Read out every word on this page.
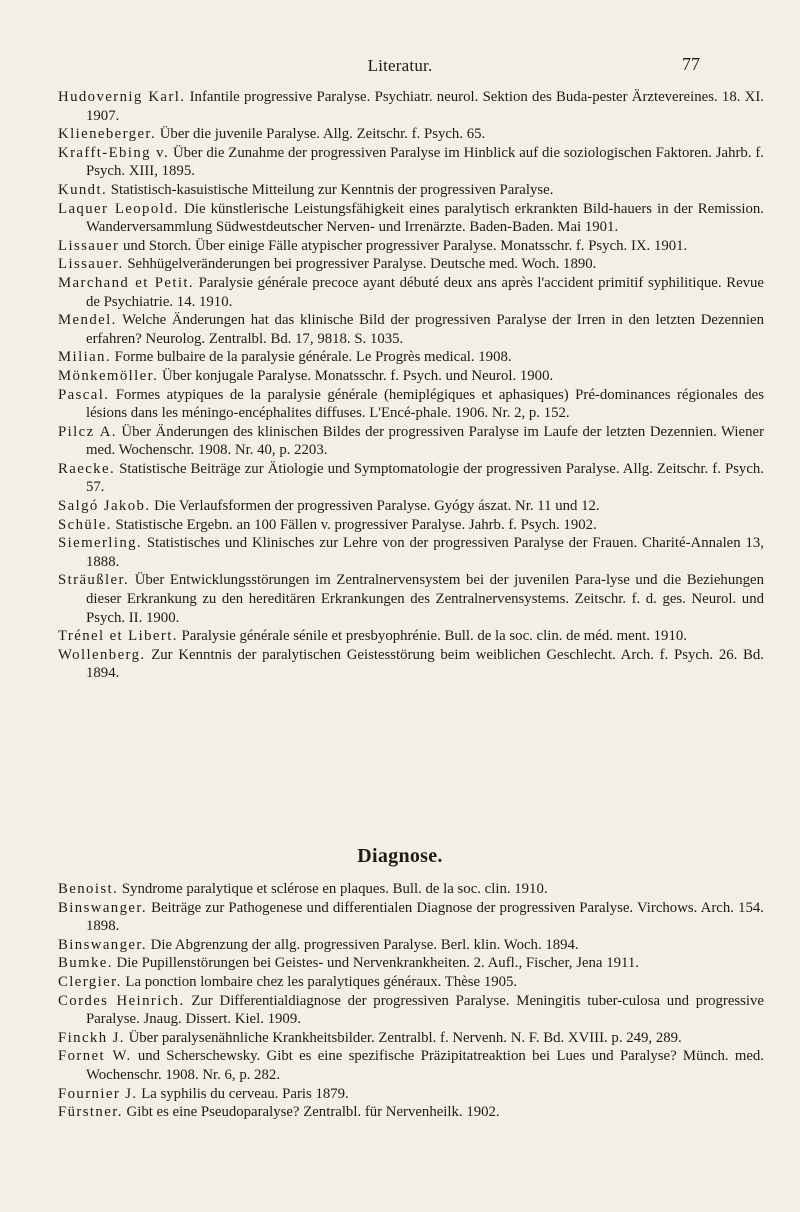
Literatur.	77
Hudovernig Karl. Infantile progressive Paralyse. Psychiatr. neurol. Sektion des Buda-pester Ärztevereines. 18. XI. 1907.
Klieneberger. Über die juvenile Paralyse. Allg. Zeitschr. f. Psych. 65.
Krafft-Ebing v. Über die Zunahme der progressiven Paralyse im Hinblick auf die soziologischen Faktoren. Jahrb. f. Psych. XIII, 1895.
Kundt. Statistisch-kasuistische Mitteilung zur Kenntnis der progressiven Paralyse.
Laquer Leopold. Die künstlerische Leistungsfähigkeit eines paralytisch erkrankten Bild-hauers in der Remission. Wanderversammlung Südwestdeutscher Nerven- und Irrenärzte. Baden-Baden. Mai 1901.
Lissauer und Storch. Über einige Fälle atypischer progressiver Paralyse. Monatsschr. f. Psych. IX. 1901.
Lissauer. Sehhügelveränderungen bei progressiver Paralyse. Deutsche med. Woch. 1890.
Marchand et Petit. Paralysie générale precoce ayant débuté deux ans après l'accident primitif syphilitique. Revue de Psychiatrie. 14. 1910.
Mendel. Welche Änderungen hat das klinische Bild der progressiven Paralyse der Irren in den letzten Dezennien erfahren? Neurolog. Zentralbl. Bd. 17, 9818. S. 1035.
Milian. Forme bulbaire de la paralysie générale. Le Progrès medical. 1908.
Mönkemöller. Über konjugale Paralyse. Monatsschr. f. Psych. und Neurol. 1900.
Pascal. Formes atypiques de la paralysie générale (hemiplégiques et aphasiques) Pré-dominances régionales des lésions dans les méningo-encéphalites diffuses. L'Encé-phale. 1906. Nr. 2, p. 152.
Pilcz A. Über Änderungen des klinischen Bildes der progressiven Paralyse im Laufe der letzten Dezennien. Wiener med. Wochenschr. 1908. Nr. 40, p. 2203.
Raecke. Statistische Beiträge zur Ätiologie und Symptomatologie der progressiven Paralyse. Allg. Zeitschr. f. Psych. 57.
Salgó Jakob. Die Verlaufsformen der progressiven Paralyse. Gyógy ászat. Nr. 11 und 12.
Schüle. Statistische Ergebn. an 100 Fällen v. progressiver Paralyse. Jahrb. f. Psych. 1902.
Siemerling. Statistisches und Klinisches zur Lehre von der progressiven Paralyse der Frauen. Charité-Annalen 13, 1888.
Sträußler. Über Entwicklungsstörungen im Zentralnervensystem bei der juvenilen Para-lyse und die Beziehungen dieser Erkrankung zu den hereditären Erkrankungen des Zentralnervensystems. Zeitschr. f. d. ges. Neurol. und Psych. II. 1900.
Trénel et Libert. Paralysie générale sénile et presbyophrénie. Bull. de la soc. clin. de méd. ment. 1910.
Wollenberg. Zur Kenntnis der paralytischen Geistesstörung beim weiblichen Geschlecht. Arch. f. Psych. 26. Bd. 1894.
Diagnose.
Benoist. Syndrome paralytique et sclérose en plaques. Bull. de la soc. clin. 1910.
Binswanger. Beiträge zur Pathogenese und differentialen Diagnose der progressiven Paralyse. Virchows. Arch. 154. 1898.
Binswanger. Die Abgrenzung der allg. progressiven Paralyse. Berl. klin. Woch. 1894.
Bumke. Die Pupillenstörungen bei Geistes- und Nervenkrankheiten. 2. Aufl., Fischer, Jena 1911.
Clergier. La ponction lombaire chez les paralytiques généraux. Thèse 1905.
Cordes Heinrich. Zur Differentialdiagnose der progressiven Paralyse. Meningitis tuber-culosa und progressive Paralyse. Jnaug. Dissert. Kiel. 1909.
Finckh J. Über paralysenähnliche Krankheitsbilder. Zentralbl. f. Nervenh. N. F. Bd. XVIII. p. 249, 289.
Fornet W. und Scherschewsky. Gibt es eine spezifische Präzipitatreaktion bei Lues und Paralyse? Münch. med. Wochenschr. 1908. Nr. 6, p. 282.
Fournier J. La syphilis du cerveau. Paris 1879.
Fürstner. Gibt es eine Pseudoparalyse? Zentralbl. für Nervenheilk. 1902.
